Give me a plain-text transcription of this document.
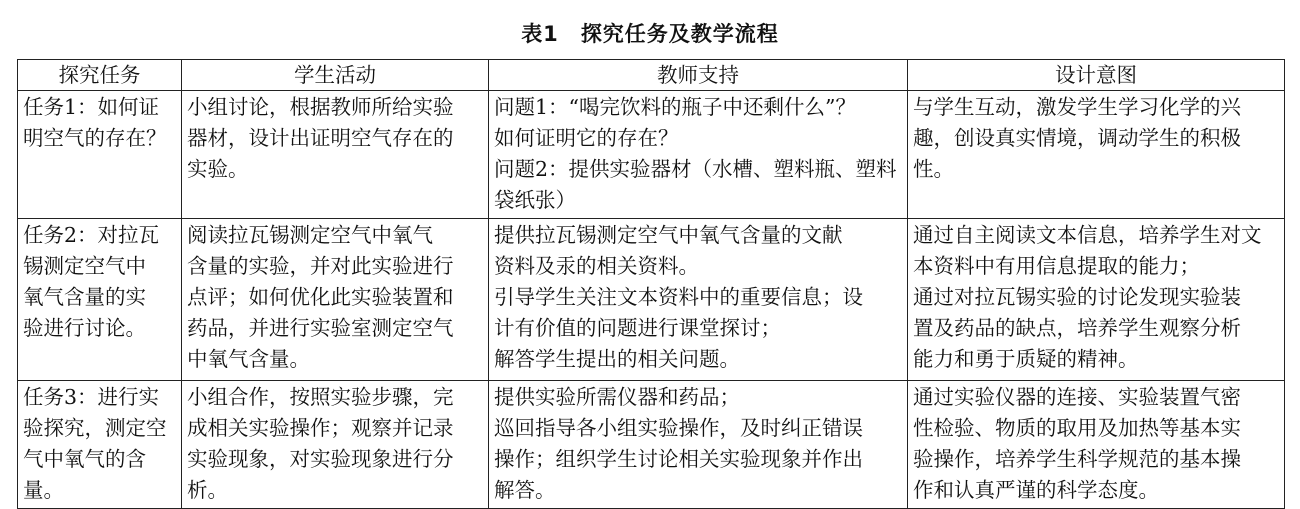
表1 探究任务及教学流程
探究任务	学生活动	教师支持	设计意图

任务1：如何证
明空气的存在？	小组讨论，根据教师所给实验
器材，设计出证明空气存在的
实验。	问题1：“喝完饮料的瓶子中还剩什么”？
如何证明它的存在？
问题2：提供实验器材（水槽、塑料瓶、塑料
袋纸张）	与学生互动，激发学生学习化学的兴
趣，创设真实情境，调动学生的积极
性。

任务2：对拉瓦
锡测定空气中
氧气含量的实
验进行讨论。	阅读拉瓦锡测定空气中氧气
含量的实验，并对此实验进行
点评；如何优化此实验装置和
药品，并进行实验室测定空气
中氧气含量。	提供拉瓦锡测定空气中氧气含量的文献
资料及汞的相关资料。
引导学生关注文本资料中的重要信息；设
计有价值的问题进行课堂探讨；
解答学生提出的相关问题。	通过自主阅读文本信息，培养学生对文
本资料中有用信息提取的能力；
通过对拉瓦锡实验的讨论发现实验装
置及药品的缺点，培养学生观察分析
能力和勇于质疑的精神。

任务3：进行实
验探究，测定空
气中氧气的含
量。	小组合作，按照实验步骤，完
成相关实验操作；观察并记录
实验现象，对实验现象进行分
析。	提供实验所需仪器和药品；
巡回指导各小组实验操作，及时纠正错误
操作；组织学生讨论相关实验现象并作出
解答。	通过实验仪器的连接、实验装置气密
性检验、物质的取用及加热等基本实
验操作，培养学生科学规范的基本操
作和认真严谨的科学态度。
